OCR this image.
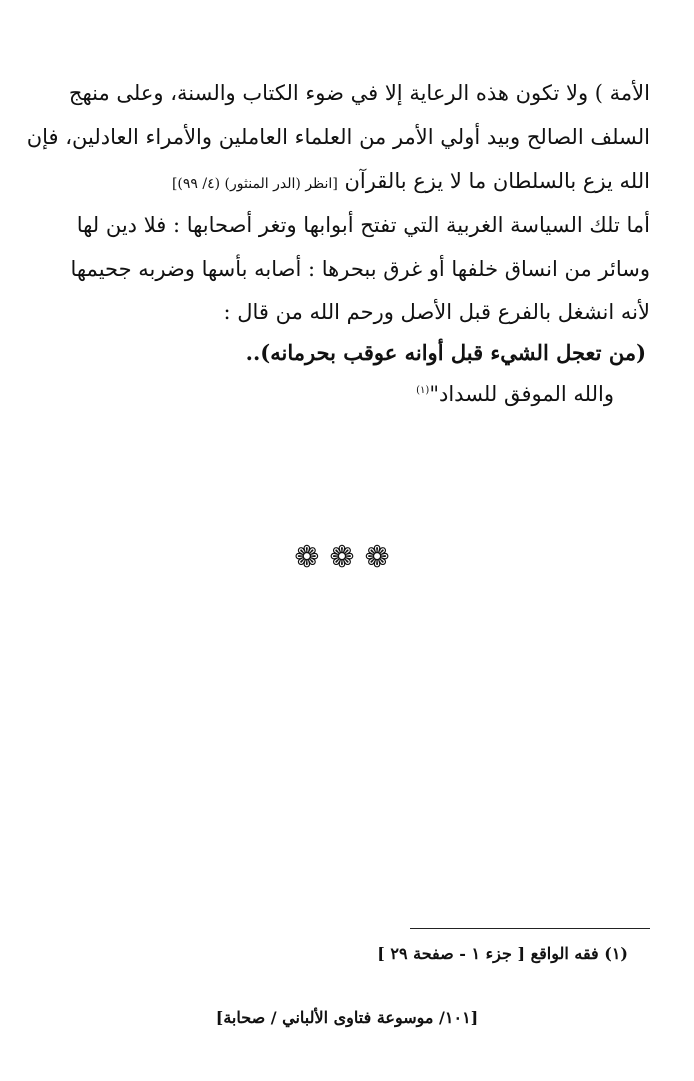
الأمة ) ولا تكون هذه الرعاية إلا في ضوء الكتاب والسنة، وعلى منهج
السلف الصالح وبيد أولي الأمر من العلماء العاملين والأمراء العادلين، فإن
الله يزع بالسلطان ما لا يزع بالقرآن [انظر (الدر المنثور) (٤/ ٩٩)]
أما تلك السياسة الغربية التي تفتح أبوابها وتغر أصحابها : فلا دين لها
وسائر من انساق خلفها أو غرق ببحرها : أصابه بأسها وضربه جحيمها
لأنه انشغل بالفرع قبل الأصل ورحم الله من قال :
(من تعجل الشيء قبل أوانه عوقب بحرمانه)..
والله الموفق للسداد"$^{(١)}$
❁❁❁
(١) فقه الواقع [ جزء ١ - صفحة ٢٩ ]
[١٠١/ موسوعة فتاوى الألباني / صحابة]
